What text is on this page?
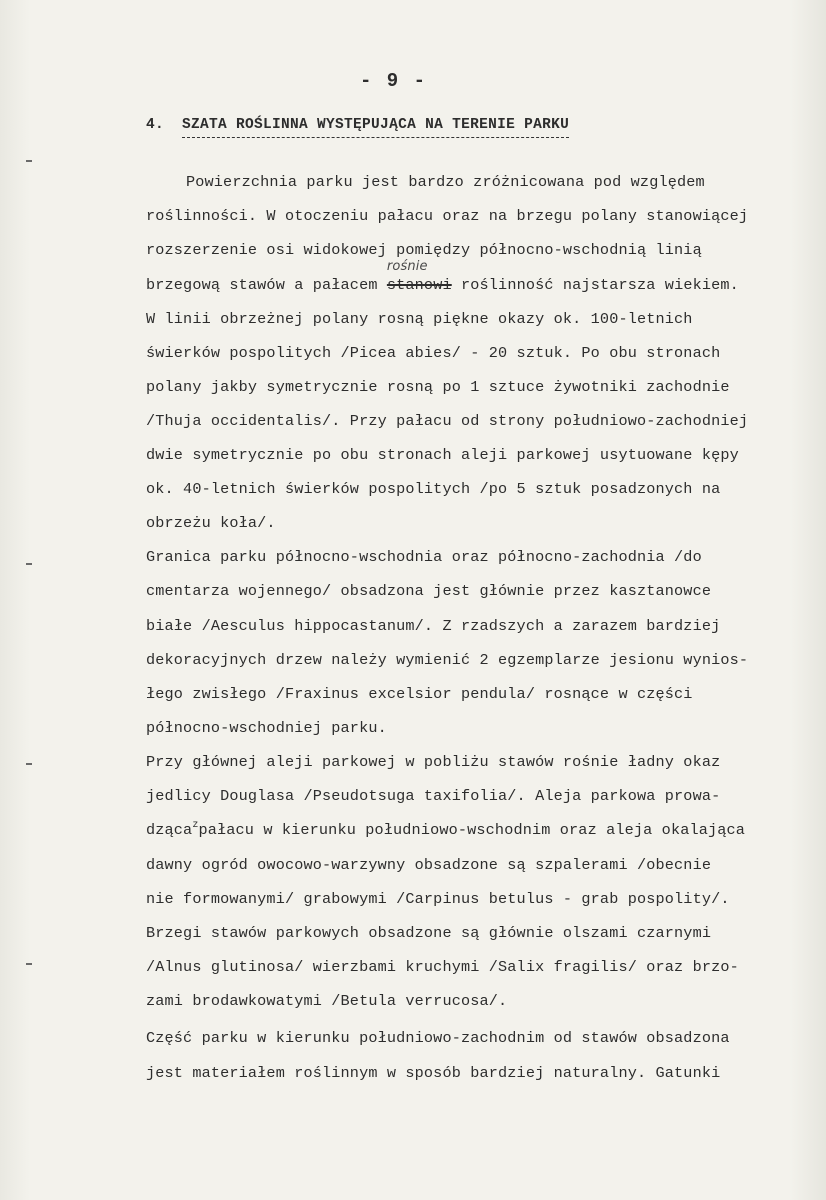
- 9 -
4. SZATA ROŚLINNA WYSTĘPUJĄCA NA TERENIE PARKU
Powierzchnia parku jest bardzo zróżnicowana pod względem
roślinności. W otoczeniu pałacu oraz na brzegu polany stanowiącej
rozszerzenie osi widokowej pomiędzy północno-wschodnią linią
brzegową stawów a pałacem
rośnie
stanowi roślinność najstarsza wiekiem.
W linii obrzeżnej polany rosną piękne okazy ok. 100-letnich
świerków pospolitych /Picea abies/ - 20 sztuk. Po obu stronach
polany jakby symetrycznie rosną po 1 sztuce żywotniki zachodnie
/Thuja occidentalis/. Przy pałacu od strony południowo-zachodniej
dwie symetrycznie po obu stronach aleji parkowej usytuowane kępy
ok. 40-letnich świerków pospolitych /po 5 sztuk posadzonych na
obrzeżu koła/.
Granica parku północno-wschodnia oraz północno-zachodnia /do
cmentarza wojennego/ obsadzona jest głównie przez kasztanowce
białe /Aesculus hippocastanum/. Z rzadszych a zarazem bardziej
dekoracyjnych drzew należy wymienić 2 egzemplarze jesionu wynios-
łego zwisłego /Fraxinus excelsior pendula/ rosnące w części
północno-wschodniej parku.
Przy głównej aleji parkowej w pobliżu stawów rośnie ładny okaz
jedlicy Douglasa /Pseudotsuga taxifolia/. Aleja parkowa prowa-
dząca$^z$pałacu w kierunku południowo-wschodnim oraz aleja okalająca
dawny ogród owocowo-warzywny obsadzone są szpalerami /obecnie
nie formowanymi/ grabowymi /Carpinus betulus - grab pospolity/.
Brzegi stawów parkowych obsadzone są głównie olszami czarnymi
/Alnus glutinosa/ wierzbami kruchymi /Salix fragilis/ oraz brzo-
zami brodawkowatymi /Betula verrucosa/.
Część parku w kierunku południowo-zachodnim od stawów obsadzona
jest materiałem roślinnym w sposób bardziej naturalny. Gatunki
